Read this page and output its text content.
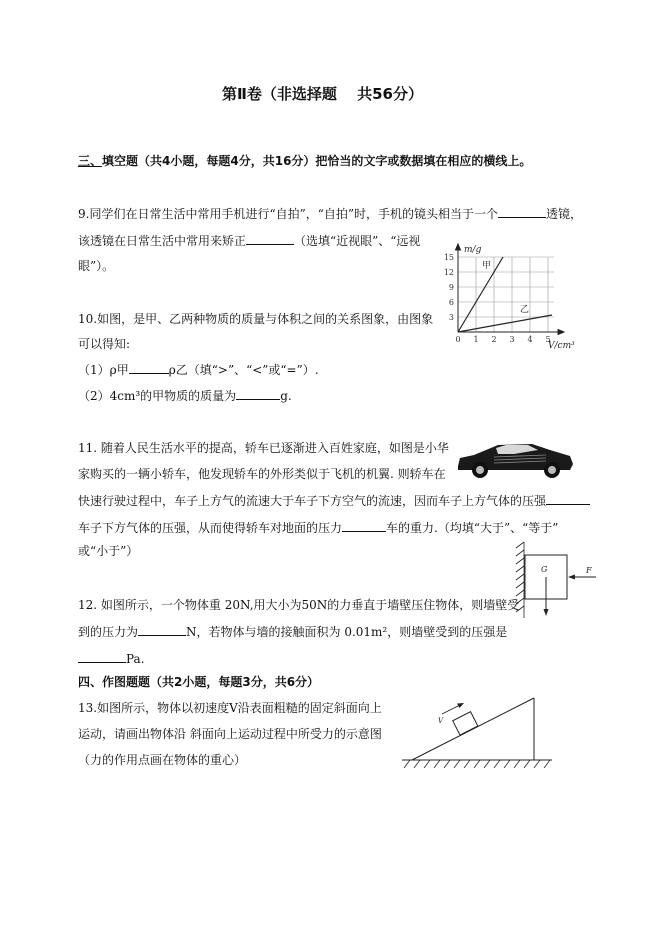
第Ⅱ卷（非选择题　 共56分）
三、填空题（共4小题，每题4分，共16分）把恰当的文字或数据填在相应的横线上。
9.同学们在日常生活中常用手机进行“自拍”，“自拍”时，手机的镜头相当于一个	透镜，
该透镜在日常生活中常用来矫正	（选填“近视眼”、“远视
眼”）。
10.如图，是甲、乙两种物质的质量与体积之间的关系图象，由图象
可以得知:
（1）ρ甲	ρ乙（填“>”、“<”或“=”）.
（2）4cm³的甲物质的质量为	g.
15
12
9
6
3
0 1 2 3 4 5
m/g
V/cm³
甲
乙
11. 随着人民生活水平的提高，轿车已逐渐进入百姓家庭，如图是小华
家购买的一辆小轿车，他发现轿车的外形类似于飞机的机翼. 则轿车在
快速行驶过程中，车子上方气的流速大于车子下方空气的流速，因而车子上方气体的压强
车子下方气体的压强，从而使得轿车对地面的压力	车的重力.（均填“大于”、“等于”
或“小于”）
G	F
12. 如图所示，一个物体重 20N,用大小为50N的力垂直于墙壁压住物体，则墙壁受
到的压力为	N，若物体与墙的接触面积为 0.01m²，则墙壁受到的压强是
Pa.
四、作图题题（共2小题，每题3分，共6分）
13.如图所示，物体以初速度V沿表面粗糙的固定斜面向上
运动，请画出物体沿 斜面向上运动过程中所受力的示意图
（力的作用点画在物体的重心）
V
